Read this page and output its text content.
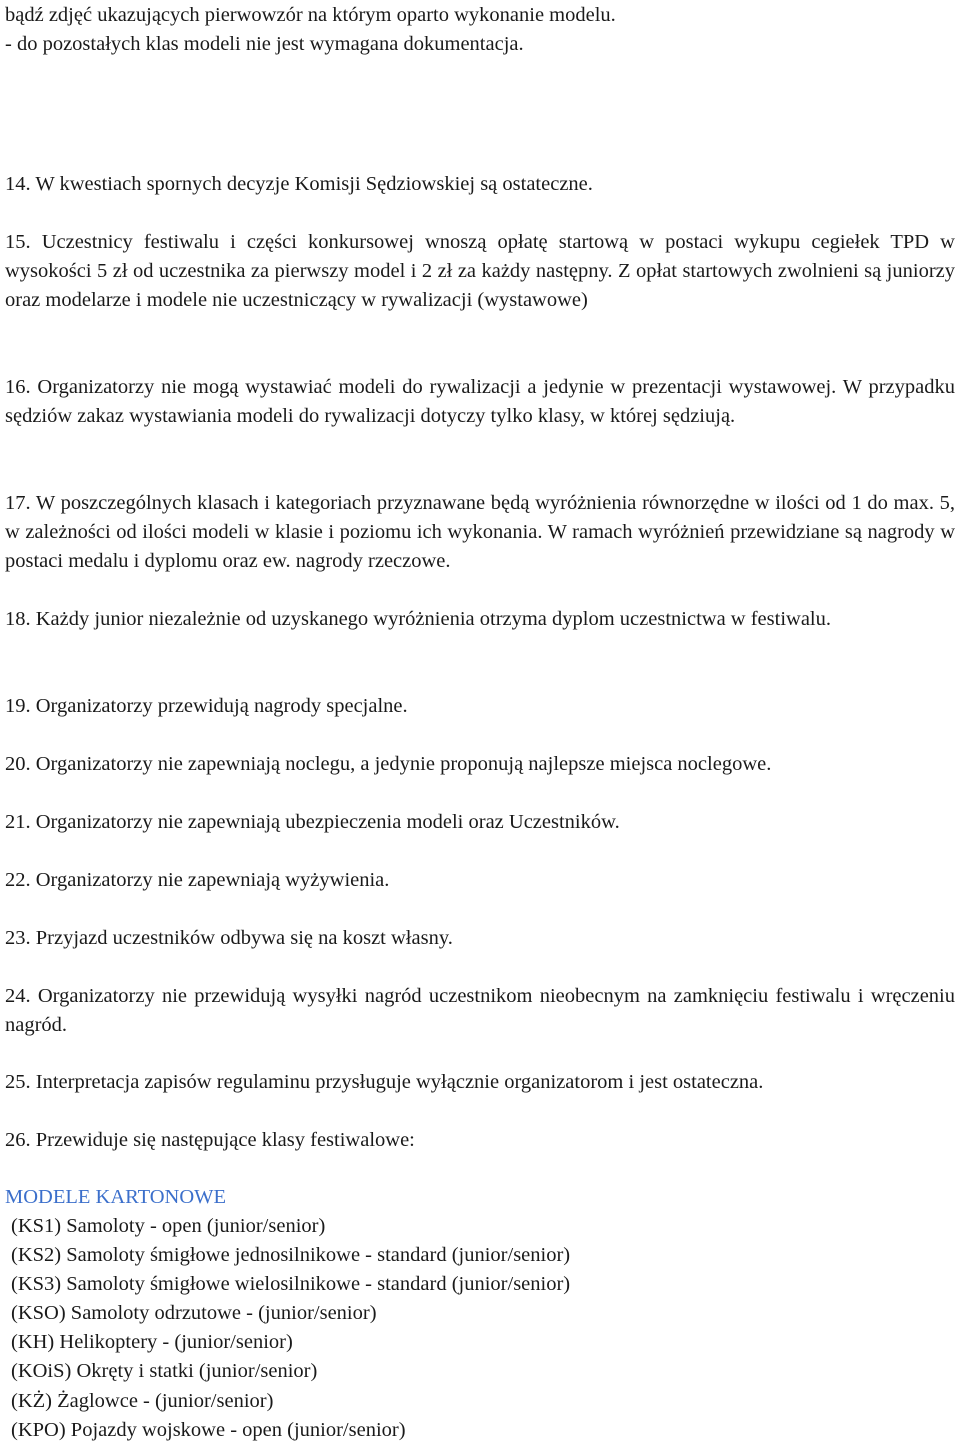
bądź zdjęć ukazujących pierwowzór na którym oparto wykonanie modelu.
- do pozostałych klas modeli nie jest wymagana dokumentacja.

14. W kwestiach spornych decyzje Komisji Sędziowskiej są ostateczne.

15. Uczestnicy festiwalu i części konkursowej wnoszą opłatę startową w postaci wykupu cegiełek TPD w wysokości 5 zł od uczestnika za pierwszy model i 2 zł za każdy następny. Z opłat startowych zwolnieni są juniorzy oraz modelarze i modele nie uczestniczący w rywalizacji (wystawowe)

16. Organizatorzy nie mogą wystawiać modeli do rywalizacji a jedynie w prezentacji wystawowej. W przypadku sędziów zakaz wystawiania modeli do rywalizacji dotyczy tylko klasy, w której sędziują.

17. W poszczególnych klasach i kategoriach przyznawane będą wyróżnienia równorzędne w ilości od 1 do max. 5, w zależności od ilości modeli w klasie i poziomu ich wykonania. W ramach wyróżnień przewidziane są nagrody w postaci medalu i dyplomu oraz ew. nagrody rzeczowe.

18. Każdy junior niezależnie od uzyskanego wyróżnienia otrzyma dyplom uczestnictwa w festiwalu.

19. Organizatorzy przewidują nagrody specjalne.

20. Organizatorzy nie zapewniają noclegu, a jedynie proponują najlepsze miejsca noclegowe.

21. Organizatorzy nie zapewniają ubezpieczenia modeli oraz Uczestników.

22. Organizatorzy nie zapewniają wyżywienia.

23. Przyjazd uczestników odbywa się na koszt własny.

24. Organizatorzy nie przewidują wysyłki nagród uczestnikom nieobecnym na zamknięciu festiwalu i wręczeniu nagród.

25. Interpretacja zapisów regulaminu przysługuje wyłącznie organizatorom i jest ostateczna.

26. Przewiduje się następujące klasy festiwalowe:

MODELE KARTONOWE

(KS1) Samoloty - open (junior/senior)
(KS2) Samoloty śmigłowe jednosilnikowe - standard (junior/senior)
(KS3) Samoloty śmigłowe wielosilnikowe - standard (junior/senior)
(KSO) Samoloty odrzutowe - (junior/senior)
(KH) Helikoptery - (junior/senior)
(KOiS) Okręty i statki (junior/senior)
(KŻ) Żaglowce - (junior/senior)
(KPO) Pojazdy wojskowe - open (junior/senior)
